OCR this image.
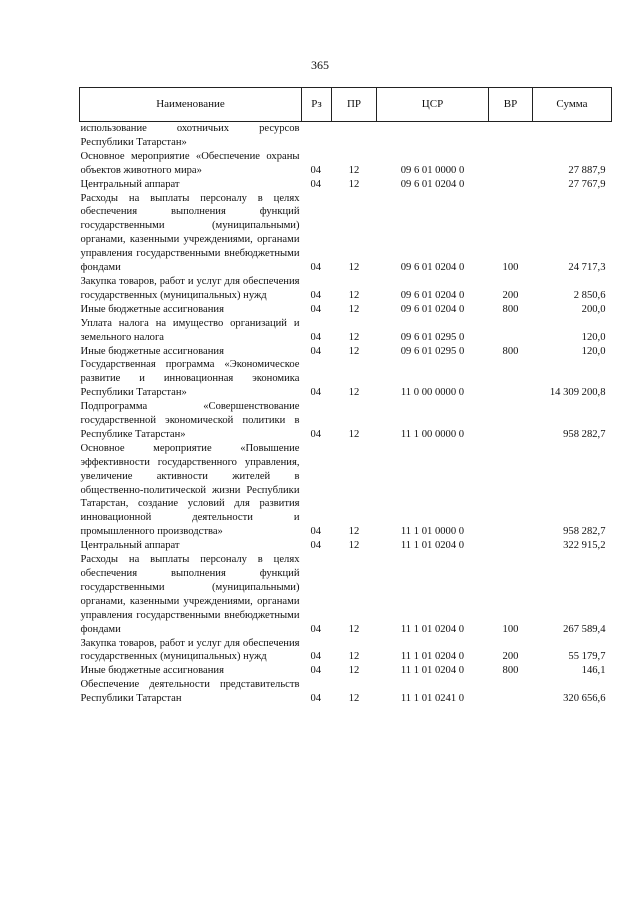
365
Наименование	Рз	ПР	ЦСР	ВР	Сумма
использование охотничьих ресурсов Республики Татарстан»					
Основное мероприятие «Обеспечение охраны объектов животного мира»	04	12	09 6 01 0000 0		27 887,9
Центральный аппарат	04	12	09 6 01 0204 0		27 767,9
Расходы на выплаты персоналу в целях обеспечения выполнения функций государственными (муниципальными) органами, казенными учреждениями, органами управления государственными внебюджетными фондами	04	12	09 6 01 0204 0	100	24 717,3
Закупка товаров, работ и услуг для обеспечения государственных (муниципальных) нужд	04	12	09 6 01 0204 0	200	2 850,6
Иные бюджетные ассигнования	04	12	09 6 01 0204 0	800	200,0
Уплата налога на имущество организаций и земельного налога	04	12	09 6 01 0295 0		120,0
Иные бюджетные ассигнования	04	12	09 6 01 0295 0	800	120,0
Государственная программа «Экономическое развитие и инновационная экономика Республики Татарстан»	04	12	11 0 00 0000 0		14 309 200,8
Подпрограмма «Совершенствование государственной экономической политики в Республике Татарстан»	04	12	11 1 00 0000 0		958 282,7
Основное мероприятие «Повышение эффективности государственного управления, увеличение активности жителей в общественно-политической жизни Республики Татарстан, создание условий для развития инновационной деятельности и промышленного производства»	04	12	11 1 01 0000 0		958 282,7
Центральный аппарат	04	12	11 1 01 0204 0		322 915,2
Расходы на выплаты персоналу в целях обеспечения выполнения функций государственными (муниципальными) органами, казенными учреждениями, органами управления государственными внебюджетными фондами	04	12	11 1 01 0204 0	100	267 589,4
Закупка товаров, работ и услуг для обеспечения государственных (муниципальных) нужд	04	12	11 1 01 0204 0	200	55 179,7
Иные бюджетные ассигнования	04	12	11 1 01 0204 0	800	146,1
Обеспечение деятельности представительств Республики Татарстан	04	12	11 1 01 0241 0		320 656,6
